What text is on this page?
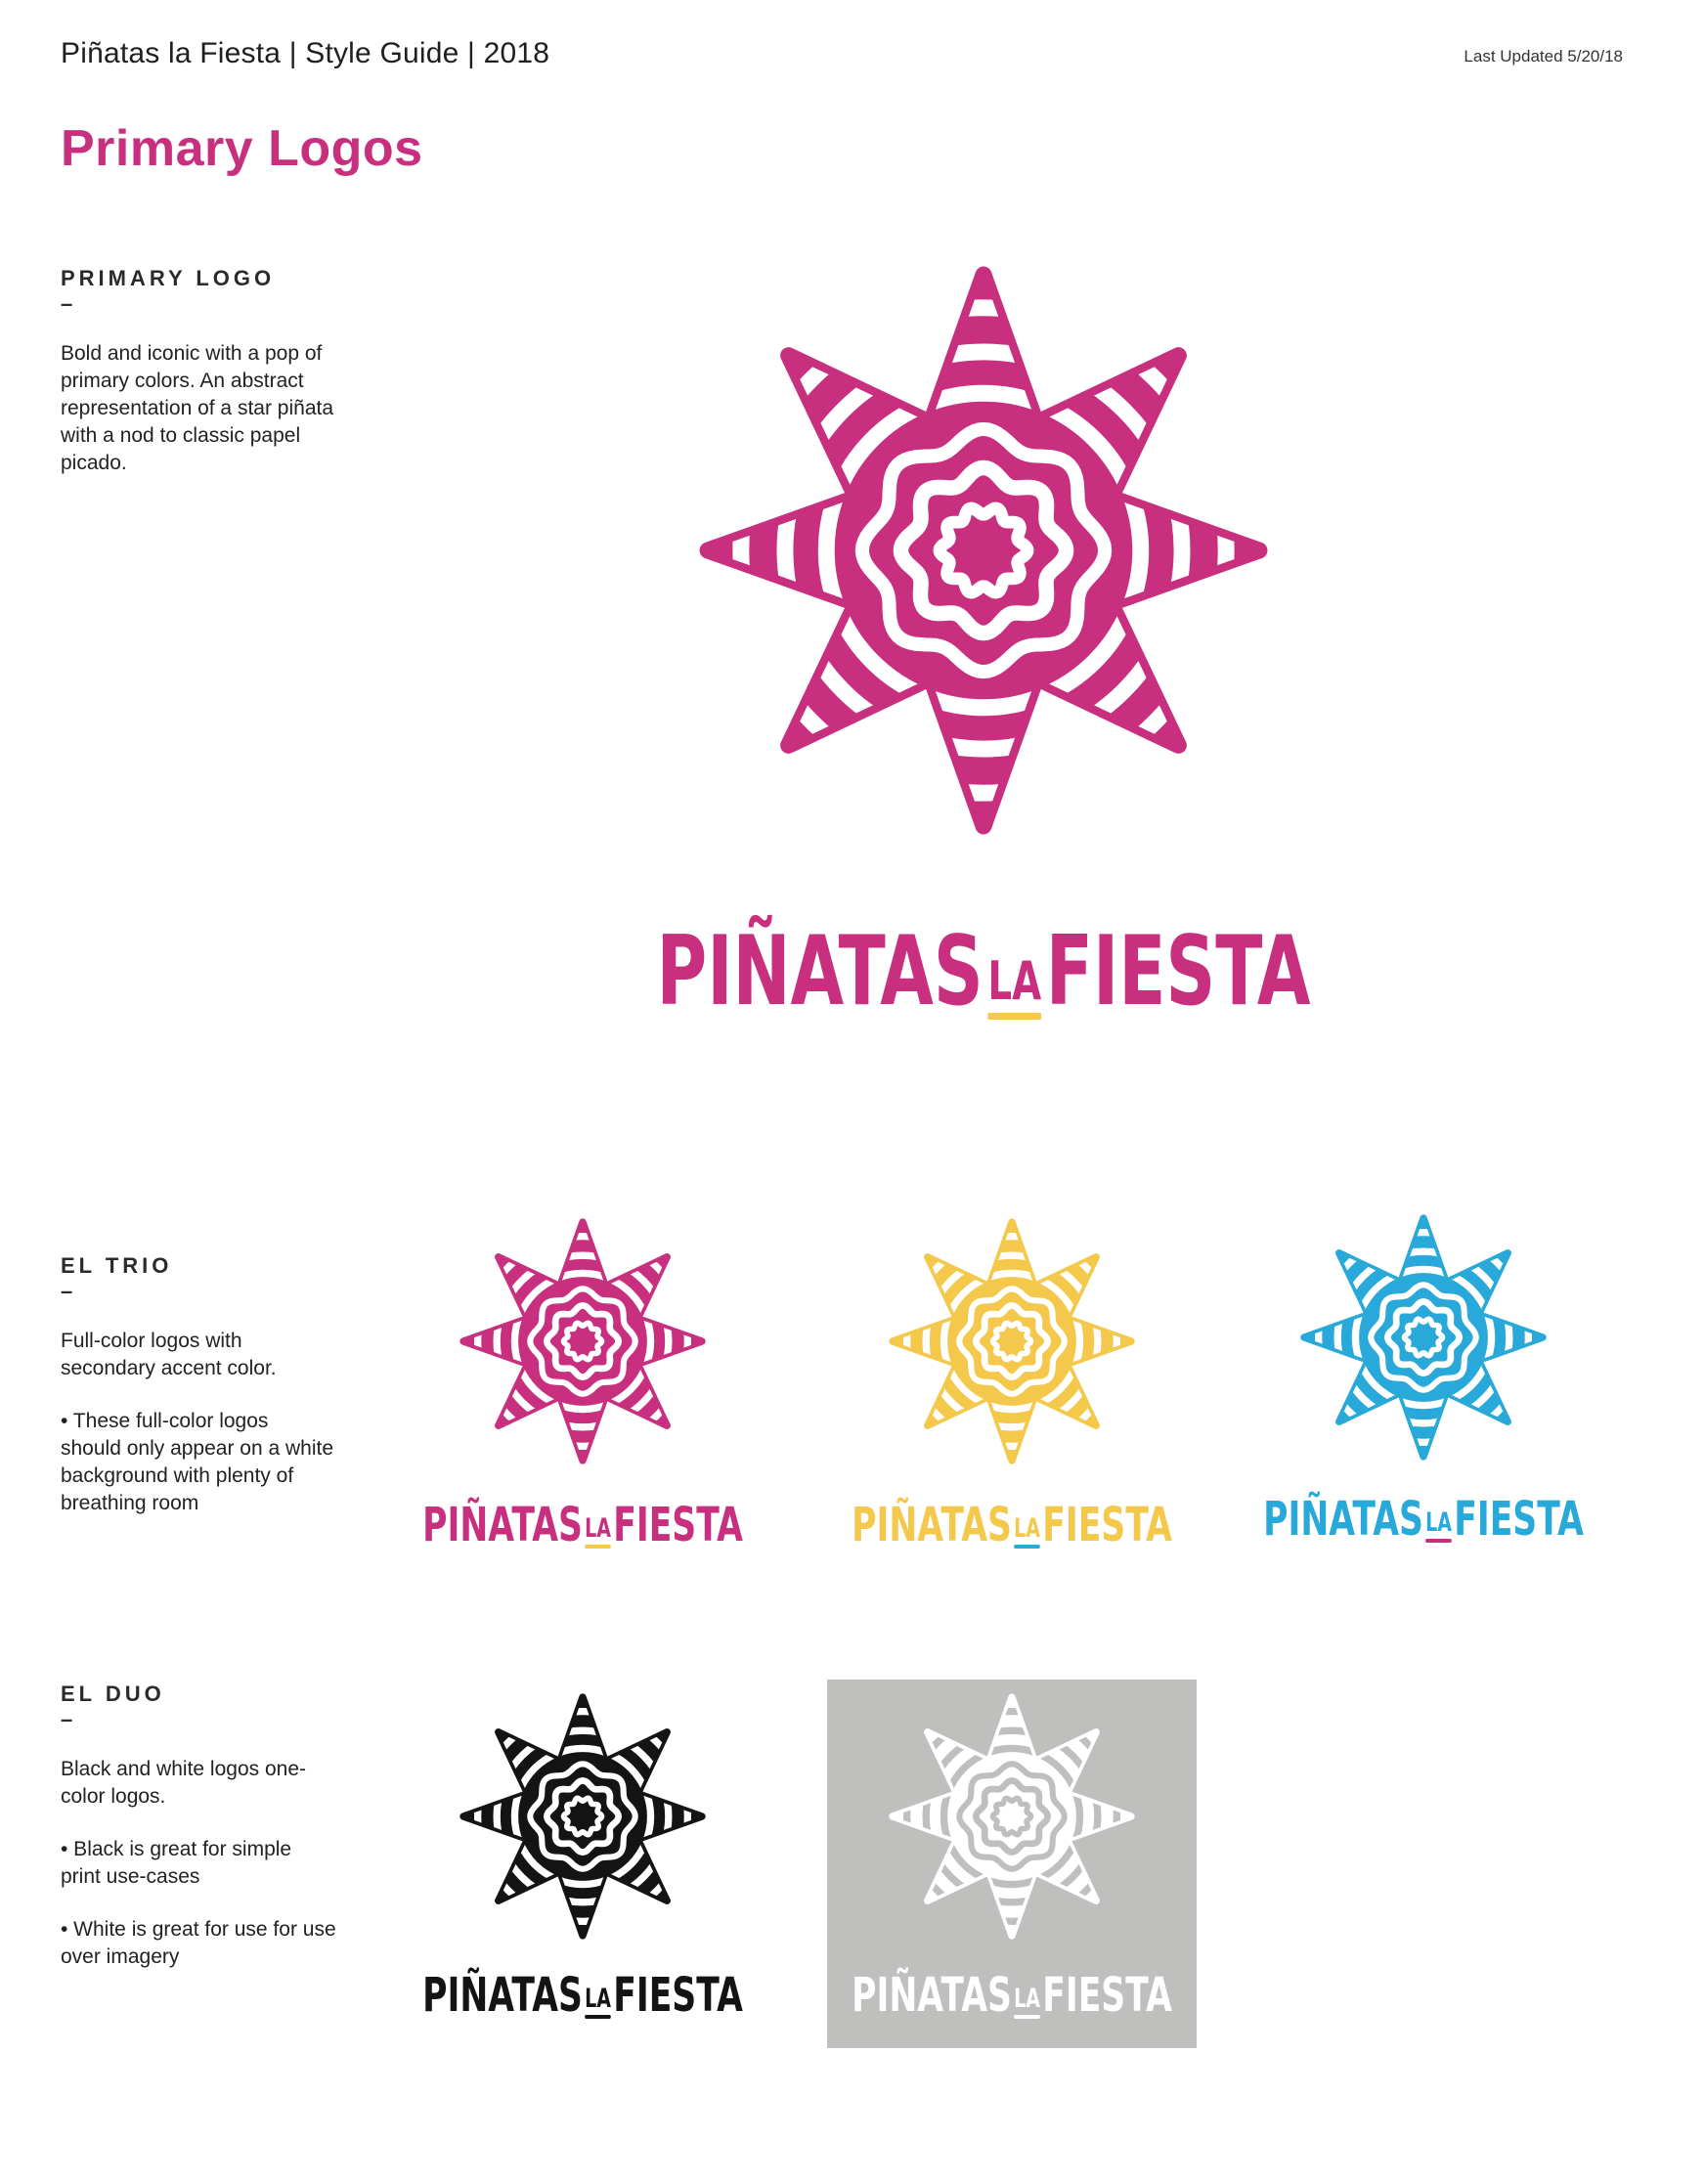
Piñatas la Fiesta | Style Guide | 2018	Last Updated 5/20/18
Primary Logos
PRIMARY LOGO
–

Bold and iconic with a pop of primary colors. An abstract representation of a star piñata with a nod to classic papel picado.

EL TRIO
–

Full-color logos with secondary accent color.

• These full-color logos should only appear on a white background with plenty of breathing room

EL DUO
–

Black and white logos one-color logos.

• Black is great for simple print use-cases

• White is great for use for use over imagery

PIÑATAS LA FIESTA
PIÑATAS LA FIESTA PIÑATAS LA FIESTA PIÑATAS LA FIESTA
PIÑATAS LA FIESTA PIÑATAS LA FIESTA
